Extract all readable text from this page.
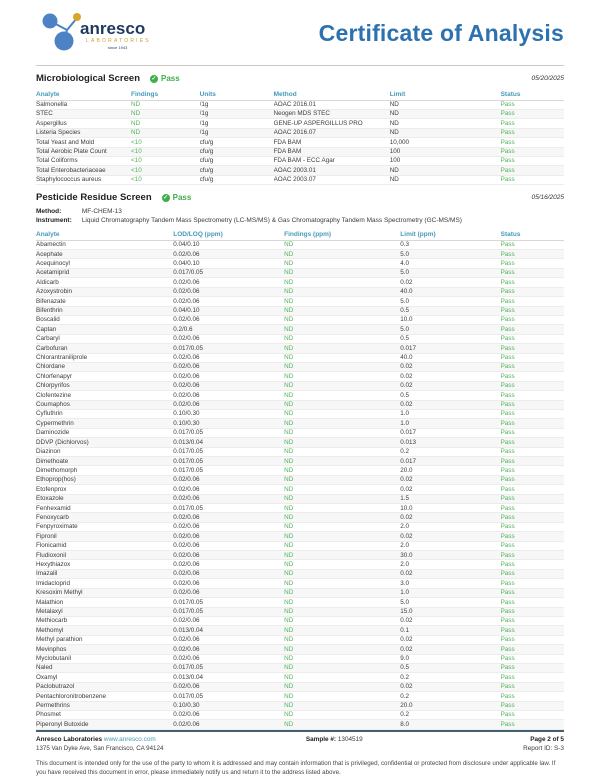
anresco
LABORATORIES
since 1943
Certificate of Analysis
Microbiological Screen ✓ Pass	05/20/2025
Analyte	Findings	Units	Method	Limit	Status
Salmonella	ND	/1g	AOAC 2016.01	ND	Pass
STEC	ND	/1g	Neogen MDS STEC	ND	Pass
Aspergillus	ND	/1g	GENE-UP ASPERGILLUS PRO	ND	Pass
Listeria Species	ND	/1g	AOAC 2016.07	ND	Pass
Total Yeast and Mold	<10	cfu/g	FDA BAM	10,000	Pass
Total Aerobic Plate Count	<10	cfu/g	FDA BAM	100	Pass
Total Coliforms	<10	cfu/g	FDA BAM - ECC Agar	100	Pass
Total Enterobacteriaceae	<10	cfu/g	AOAC 2003.01	ND	Pass
Staphylococcus aureus	<10	cfu/g	AOAC 2003.07	ND	Pass
Pesticide Residue Screen ✓ Pass	05/16/2025
Method:	MF-CHEM-13
Instrument: Liquid Chromatography Tandem Mass Spectrometry (LC-MS/MS) & Gas Chromatography Tandem Mass Spectrometry (GC-MS/MS)
Analyte	LOD/LOQ (ppm)	Findings (ppm)	Limit (ppm)	Status
Abamectin	0.04/0.10	ND	0.3	Pass
Acephate	0.02/0.06	ND	5.0	Pass
Acequinocyl	0.04/0.10	ND	4.0	Pass
Acetamiprid	0.017/0.05	ND	5.0	Pass
Aldicarb	0.02/0.06	ND	0.02	Pass
Azoxystrobin	0.02/0.06	ND	40.0	Pass
Bifenazate	0.02/0.06	ND	5.0	Pass
Bifenthrin	0.04/0.10	ND	0.5	Pass
Boscalid	0.02/0.06	ND	10.0	Pass
Captan	0.2/0.6	ND	5.0	Pass
Carbaryl	0.02/0.06	ND	0.5	Pass
Carbofuran	0.017/0.05	ND	0.017	Pass
Chlorantraniliprole	0.02/0.06	ND	40.0	Pass
Chlordane	0.02/0.06	ND	0.02	Pass
Chlorfenapyr	0.02/0.06	ND	0.02	Pass
Chlorpyrifos	0.02/0.06	ND	0.02	Pass
Clofentezine	0.02/0.06	ND	0.5	Pass
Coumaphos	0.02/0.06	ND	0.02	Pass
Cyfluthrin	0.10/0.30	ND	1.0	Pass
Cypermethrin	0.10/0.30	ND	1.0	Pass
Daminozide	0.017/0.05	ND	0.017	Pass
DDVP (Dichlorvos)	0.013/0.04	ND	0.013	Pass
Diazinon	0.017/0.05	ND	0.2	Pass
Dimethoate	0.017/0.05	ND	0.017	Pass
Dimethomorph	0.017/0.05	ND	20.0	Pass
Ethoprop(hos)	0.02/0.06	ND	0.02	Pass
Etofenprox	0.02/0.06	ND	0.02	Pass
Etoxazole	0.02/0.06	ND	1.5	Pass
Fenhexamid	0.017/0.05	ND	10.0	Pass
Fenoxycarb	0.02/0.06	ND	0.02	Pass
Fenpyroximate	0.02/0.06	ND	2.0	Pass
Fipronil	0.02/0.06	ND	0.02	Pass
Flonicamid	0.02/0.06	ND	2.0	Pass
Fludioxonil	0.02/0.06	ND	30.0	Pass
Hexythiazox	0.02/0.06	ND	2.0	Pass
Imazalil	0.02/0.06	ND	0.02	Pass
Imidacloprid	0.02/0.06	ND	3.0	Pass
Kresoxim Methyl	0.02/0.06	ND	1.0	Pass
Malathion	0.017/0.05	ND	5.0	Pass
Metalaxyl	0.017/0.05	ND	15.0	Pass
Methiocarb	0.02/0.06	ND	0.02	Pass
Methomyl	0.013/0.04	ND	0.1	Pass
Methyl parathion	0.02/0.06	ND	0.02	Pass
Mevinphos	0.02/0.06	ND	0.02	Pass
Myclobutanil	0.02/0.06	ND	9.0	Pass
Naled	0.017/0.05	ND	0.5	Pass
Oxamyl	0.013/0.04	ND	0.2	Pass
Paclobutrazol	0.02/0.06	ND	0.02	Pass
Pentachloronitrobenzene	0.017/0.05	ND	0.2	Pass
Permethrins	0.10/0.30	ND	20.0	Pass
Phosmet	0.02/0.06	ND	0.2	Pass
Piperonyl Butoxide	0.02/0.06	ND	8.0	Pass
Anresco Laboratories www.anresco.com
1375 Van Dyke Ave, San Francisco, CA 94124
Sample #: 1304519	Page 2 of 5
Report ID: S-3
This document is intended only for the use of the party to whom it is addressed and may contain information that is privileged, confidential or protected from disclosure under applicable law. If you have received this document in error, please immediately notify us and return it to the address listed above.
